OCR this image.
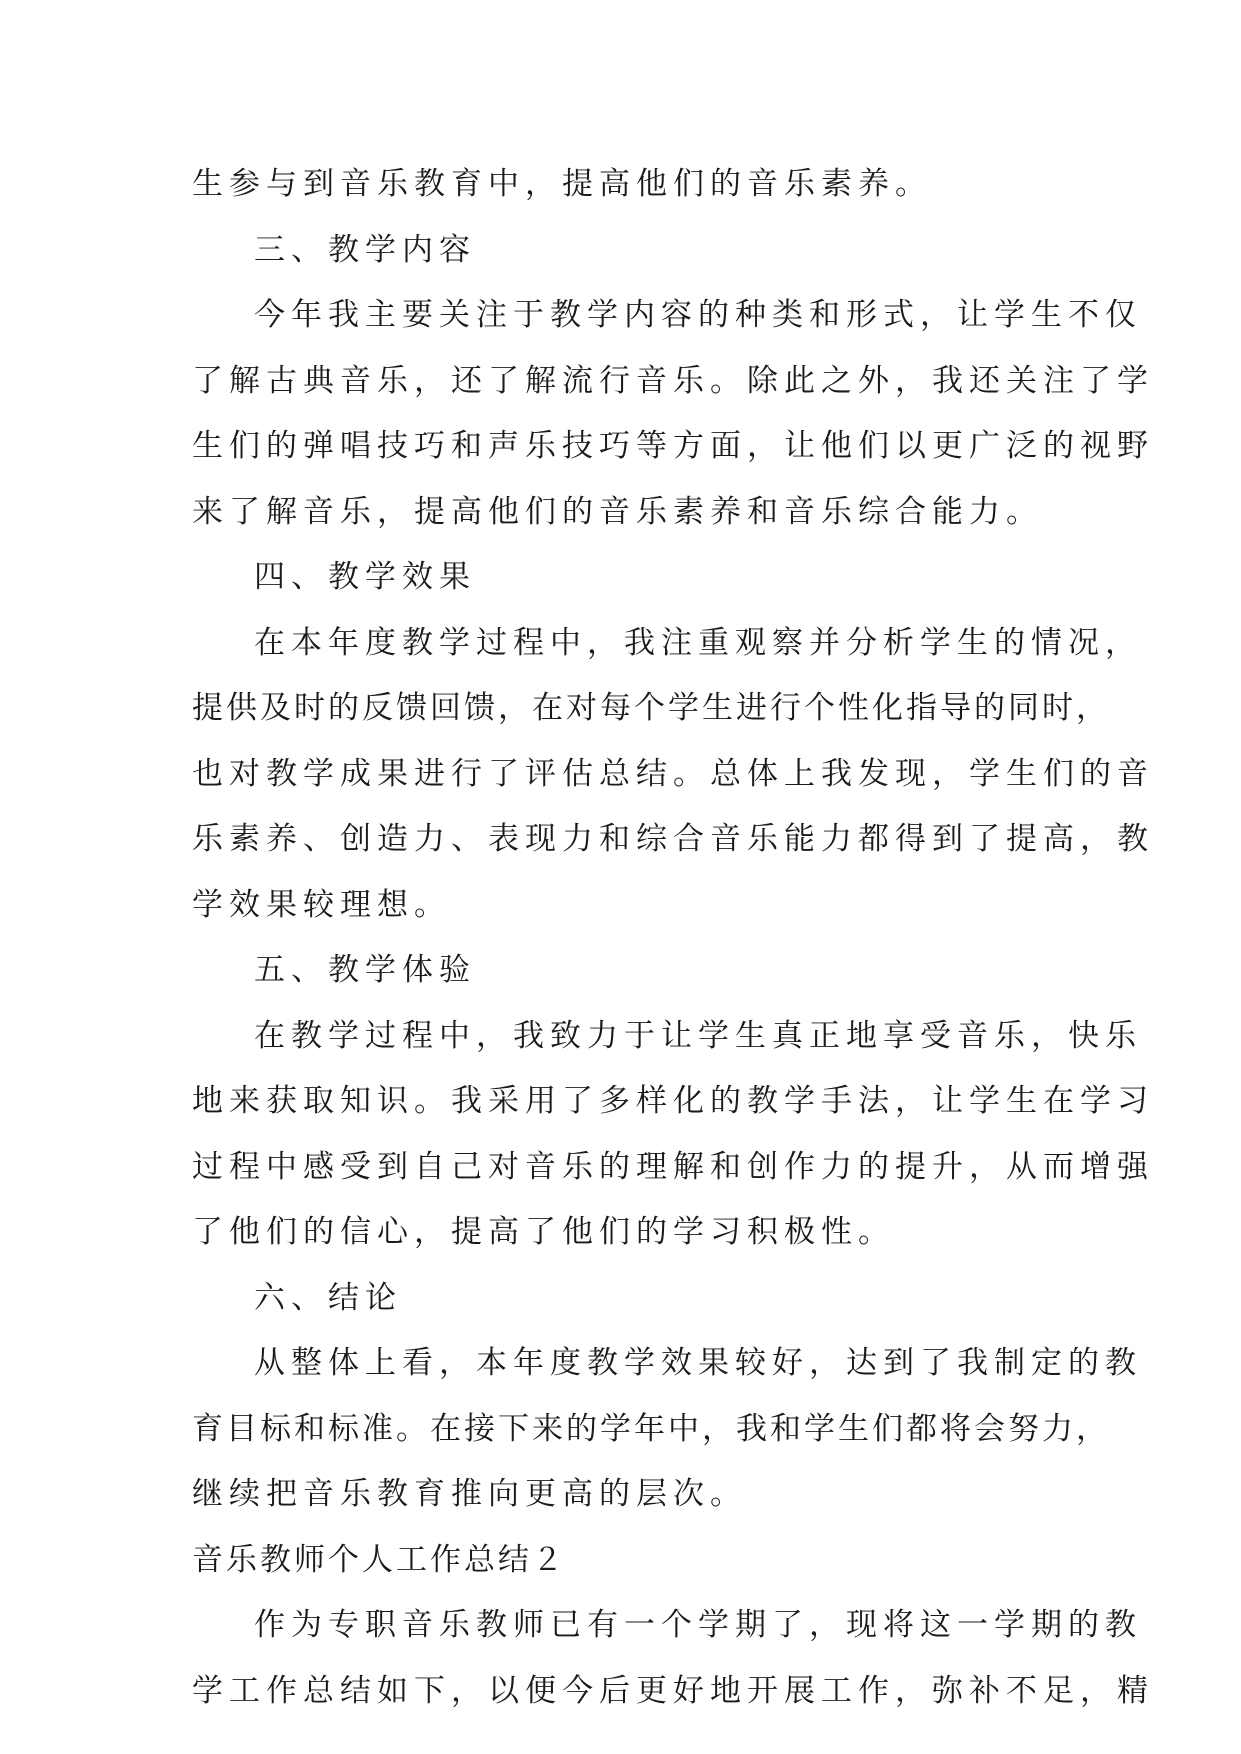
生参与到音乐教育中，提高他们的音乐素养。
三、教学内容
今年我主要关注于教学内容的种类和形式，让学生不仅
了解古典音乐，还了解流行音乐。除此之外，我还关注了学
生们的弹唱技巧和声乐技巧等方面，让他们以更广泛的视野
来了解音乐，提高他们的音乐素养和音乐综合能力。
四、教学效果
在本年度教学过程中，我注重观察并分析学生的情况，
提供及时的反馈回馈，在对每个学生进行个性化指导的同时，
也对教学成果进行了评估总结。总体上我发现，学生们的音
乐素养、创造力、表现力和综合音乐能力都得到了提高，教
学效果较理想。
五、教学体验
在教学过程中，我致力于让学生真正地享受音乐，快乐
地来获取知识。我采用了多样化的教学手法，让学生在学习
过程中感受到自己对音乐的理解和创作力的提升，从而增强
了他们的信心，提高了他们的学习积极性。
六、结论
从整体上看，本年度教学效果较好，达到了我制定的教
育目标和标准。在接下来的学年中，我和学生们都将会努力，
继续把音乐教育推向更高的层次。
音乐教师个人工作总结２
作为专职音乐教师已有一个学期了，现将这一学期的教
学工作总结如下，以便今后更好地开展工作，弥补不足，精
